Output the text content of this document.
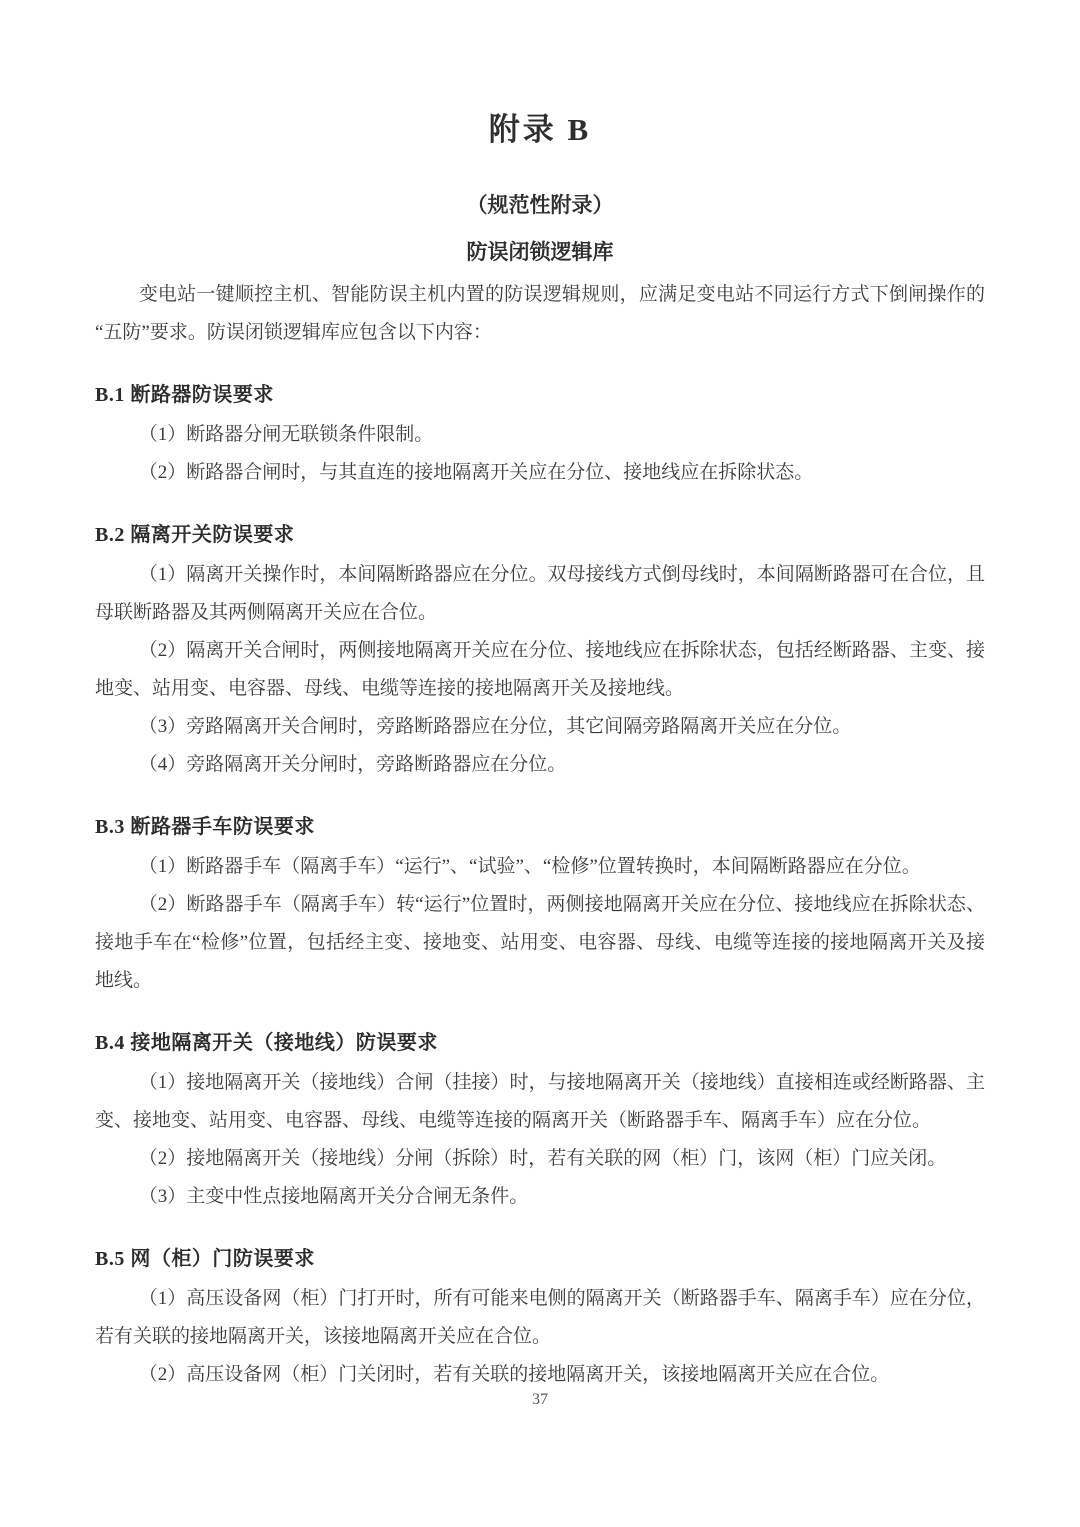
附录 B
（规范性附录）
防误闭锁逻辑库

变电站一键顺控主机、智能防误主机内置的防误逻辑规则，应满足变电站不同运行方式下倒闸操作的“五防”要求。防误闭锁逻辑库应包含以下内容：

B.1 断路器防误要求

（1）断路器分闸无联锁条件限制。

（2）断路器合闸时，与其直连的接地隔离开关应在分位、接地线应在拆除状态。

B.2 隔离开关防误要求

（1）隔离开关操作时，本间隔断路器应在分位。双母接线方式倒母线时，本间隔断路器可在合位，且母联断路器及其两侧隔离开关应在合位。

（2）隔离开关合闸时，两侧接地隔离开关应在分位、接地线应在拆除状态，包括经断路器、主变、接地变、站用变、电容器、母线、电缆等连接的接地隔离开关及接地线。

（3）旁路隔离开关合闸时，旁路断路器应在分位，其它间隔旁路隔离开关应在分位。

（4）旁路隔离开关分闸时，旁路断路器应在分位。

B.3 断路器手车防误要求

（1）断路器手车（隔离手车）“运行”、“试验”、“检修”位置转换时，本间隔断路器应在分位。

（2）断路器手车（隔离手车）转“运行”位置时，两侧接地隔离开关应在分位、接地线应在拆除状态、接地手车在“检修”位置，包括经主变、接地变、站用变、电容器、母线、电缆等连接的接地隔离开关及接地线。

B.4 接地隔离开关（接地线）防误要求

（1）接地隔离开关（接地线）合闸（挂接）时，与接地隔离开关（接地线）直接相连或经断路器、主变、接地变、站用变、电容器、母线、电缆等连接的隔离开关（断路器手车、隔离手车）应在分位。

（2）接地隔离开关（接地线）分闸（拆除）时，若有关联的网（柜）门，该网（柜）门应关闭。

（3）主变中性点接地隔离开关分合闸无条件。

B.5 网（柜）门防误要求

（1）高压设备网（柜）门打开时，所有可能来电侧的隔离开关（断路器手车、隔离手车）应在分位，若有关联的接地隔离开关，该接地隔离开关应在合位。

（2）高压设备网（柜）门关闭时，若有关联的接地隔离开关，该接地隔离开关应在合位。

37
